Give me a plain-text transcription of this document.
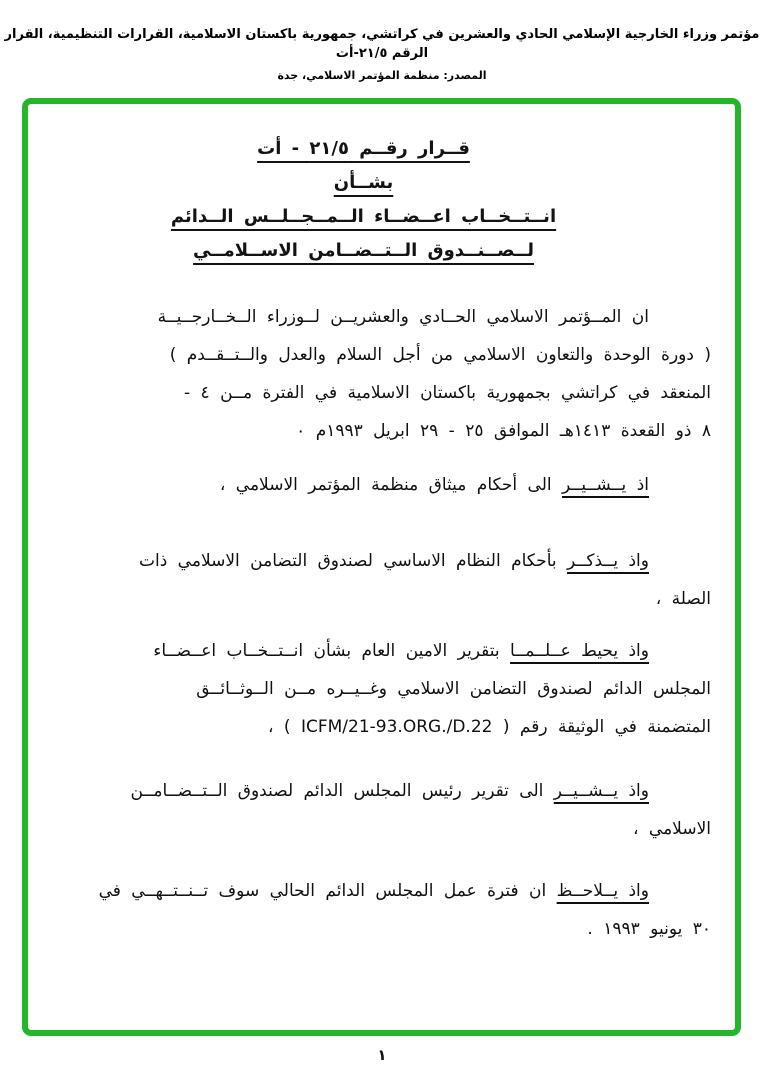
مؤتمر وزراء الخارجية الإسلامي الحادي والعشرين في كراتشي، جمهورية باكستان الاسلامية، القرارات التنظيمية، القرار الرقم ٢١/٥-أت
المصدر: منظمة المؤتمر الاسلامي، جدة
قــرار رقــم ٢١/٥ - أت
بشــأن
انــتــخــاب اعــضــاء الــمــجــلــس الــدائم
لــصــنــدوق الــتــضــامن الاســلامــي
ان المــؤتمر الاسلامي الحــادي والعشريــن لــوزراء الــخــارجــيــة
( دورة الوحدة والتعاون الاسلامي من أجل السلام والعدل والــتــقــدم )
المنعقد في كراتشي بجمهورية باكستان الاسلامية في الفترة مــن ٤ -
٨ ذو القعدة ١٤١٣هـ الموافق ٢٥ - ٢٩ ابريل ١٩٩٣م ٠
اذ يــشــيــر الى أحكام ميثاق منظمة المؤتمر الاسلامي ،
واذ يــذكــر بأحكام النظام الاساسي لصندوق التضامن الاسلامي ذات
الصلة ،
واذ يحيط عــلــمــا بتقرير الامين العام بشأن انــتــخــاب اعــضــاء
المجلس الدائم لصندوق التضامن الاسلامي وغــيــره مــن الــوثــائــق
المتضمنة في الوثيقة رقم ( ICFM/21-93.ORG./D.22 ) ،
واذ يــشــيــر الى تقرير رئيس المجلس الدائم لصندوق الــتــضــامــن
الاسلامي ،
واذ يــلاحــظ ان فترة عمل المجلس الدائم الحالي سوف تــنــتــهــي في
٣٠ يونيو ١٩٩٣ .
١
